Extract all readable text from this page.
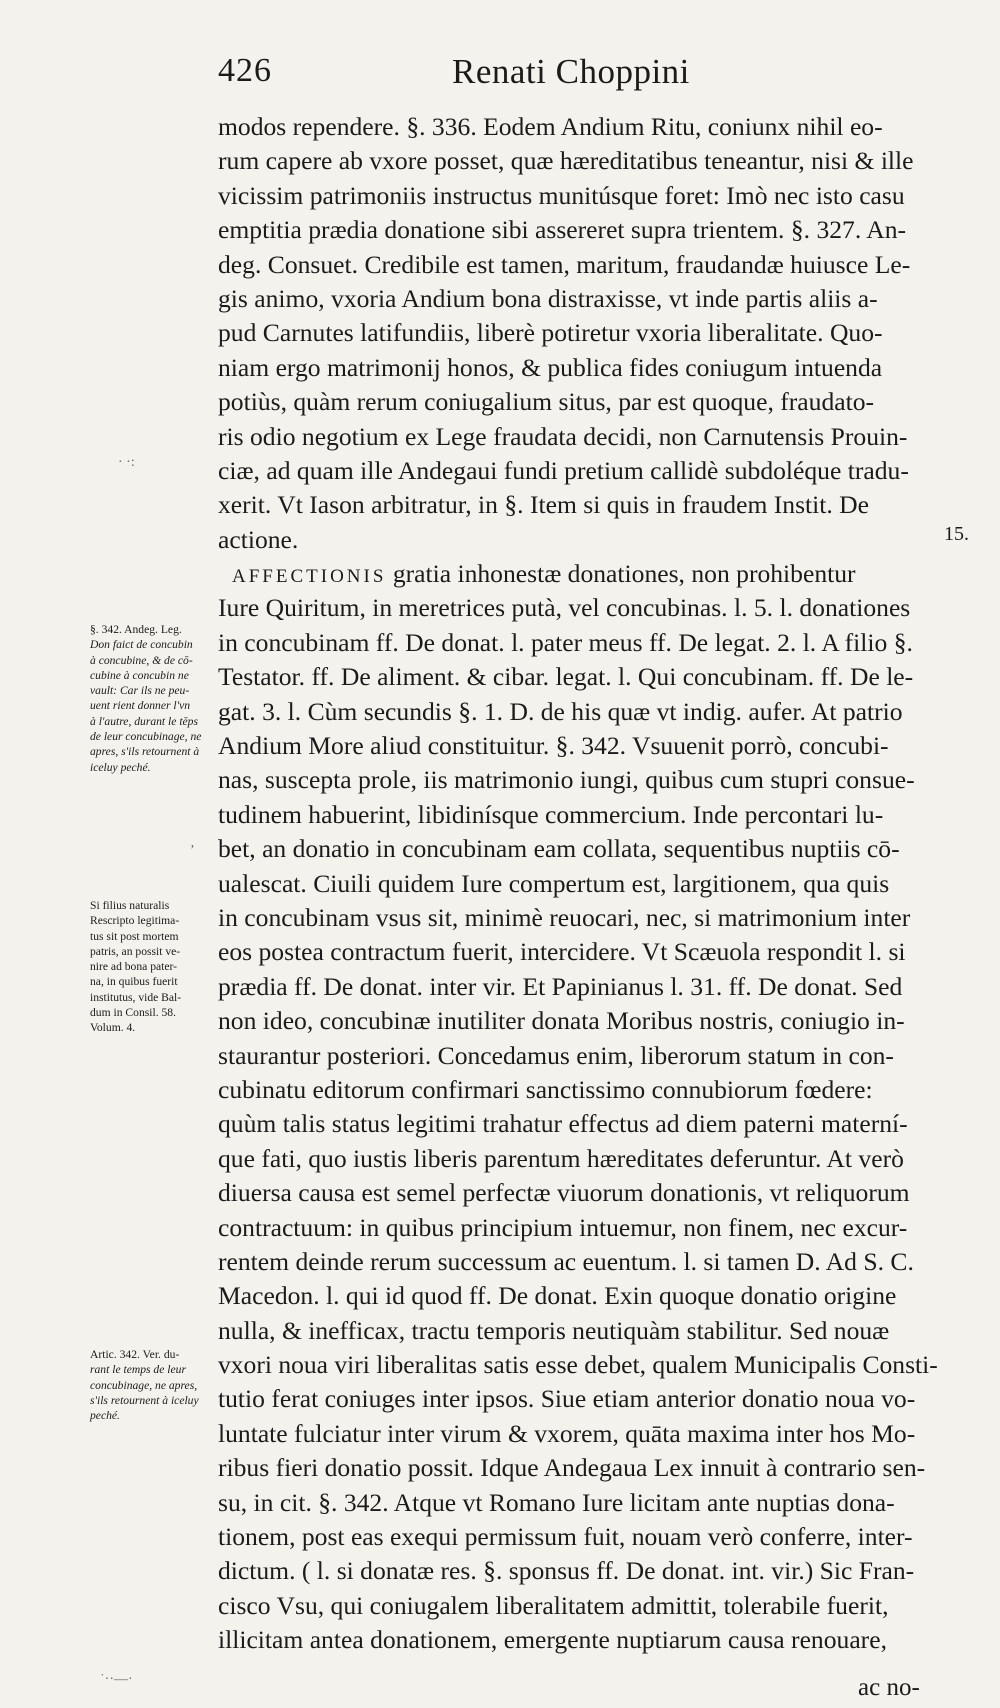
426	Renati Choppini
modos rependere. §. 336. Eodem Andium Ritu, coniunx nihil eo-
rum capere ab vxore posset, quæ hæreditatibus teneantur, nisi & ille
vicissim patrimoniis instructus munitúsque foret: Imò nec isto casu
emptitia prædia donatione sibi assereret supra trientem. §. 327. An-
deg. Consuet. Credibile est tamen, maritum, fraudandæ huiusce Le-
gis animo, vxoria Andium bona distraxisse, vt inde partis aliis a-
pud Carnutes latifundiis, liberè potiretur vxoria liberalitate. Quo-
niam ergo matrimonij honos, & publica fides coniugum intuenda
potiùs, quàm rerum coniugalium situs, par est quoque, fraudato-
ris odio negotium ex Lege fraudata decidi, non Carnutensis Prouin-
ciæ, ad quam ille Andegaui fundi pretium callidè subdoléque tradu-
xerit. Vt Iason arbitratur, in §. Item si quis in fraudem Instit. De
actione.
AFFECTIONIS gratia inhonestæ donationes, non prohibentur
Iure Quiritum, in meretrices putà, vel concubinas. l. 5. l. donationes
in concubinam ff. De donat. l. pater meus ff. De legat. 2. l. A filio §.
Testator. ff. De aliment. & cibar. legat. l. Qui concubinam. ff. De le-
gat. 3. l. Cùm secundis §. 1. D. de his quæ vt indig. aufer. At patrio
Andium More aliud constituitur. §. 342. Vsuuenit porrò, concubi-
nas, suscepta prole, iis matrimonio iungi, quibus cum stupri consue-
tudinem habuerint, libidinísque commercium. Inde percontari lu-
bet, an donatio in concubinam eam collata, sequentibus nuptiis cō-
ualescat. Ciuili quidem Iure compertum est, largitionem, qua quis
in concubinam vsus sit, minimè reuocari, nec, si matrimonium inter
eos postea contractum fuerit, intercidere. Vt Scæuola respondit l. si
prædia ff. De donat. inter vir. Et Papinianus l. 31. ff. De donat. Sed
non ideo, concubinæ inutiliter donata Moribus nostris, coniugio in-
staurantur posteriori. Concedamus enim, liberorum statum in con-
cubinatu editorum confirmari sanctissimo connubiorum fœdere:
quùm talis status legitimi trahatur effectus ad diem paterni materní-
que fati, quo iustis liberis parentum hæreditates deferuntur. At verò
diuersa causa est semel perfectæ viuorum donationis, vt reliquorum
contractuum: in quibus principium intuemur, non finem, nec excur-
rentem deinde rerum successum ac euentum. l. si tamen D. Ad S. C.
Macedon. l. qui id quod ff. De donat. Exin quoque donatio origine
nulla, & inefficax, tractu temporis neutiquàm stabilitur. Sed nouæ
vxori noua viri liberalitas satis esse debet, qualem Municipalis Consti-
tutio ferat coniuges inter ipsos. Siue etiam anterior donatio noua vo-
luntate fulciatur inter virum & vxorem, quāta maxima inter hos Mo-
ribus fieri donatio possit. Idque Andegaua Lex innuit à contrario sen-
su, in cit. §. 342. Atque vt Romano Iure licitam ante nuptias dona-
tionem, post eas exequi permissum fuit, nouam verò conferre, inter-
dictum. ( l. si donatæ res. §. sponsus ff. De donat. int. vir.) Sic Fran-
cisco Vsu, qui coniugalem liberalitatem admittit, tolerabile fuerit,
illicitam antea donationem, emergente nuptiarum causa renouare,
15.
§. 342. Andeg. Leg.
Don faict de concubin
à concubine, & de cō-
cubine à concubin ne
vault: Car ils ne peu-
uent rient donner l'vn
à l'autre, durant le tēps
de leur concubinage, ne
apres, s'ils retournent à
iceluy peché.
Si filius naturalis
Rescripto legitima-
tus sit post mortem
patris, an possit ve-
nire ad bona pater-
na, in quibus fuerit
institutus, vide Bal-
dum in Consil. 58.
Volum. 4.
Artic. 342. Ver. du-
rant le temps de leur
concubinage, ne apres,
s'ils retournent à iceluy
peché.
ac no-
· ·:
’
˙··—·
